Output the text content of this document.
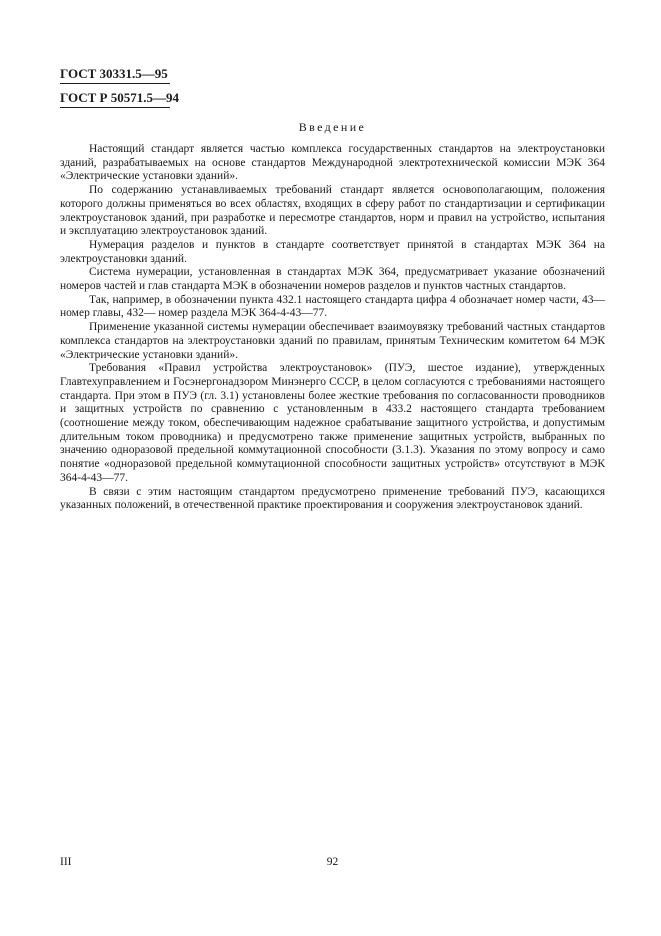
ГОСТ 30331.5—95
ГОСТ Р 50571.5—94
Введение

Настоящий стандарт является частью комплекса государственных стандартов на электроустановки зданий, разрабатываемых на основе стандартов Международной электротехнической комиссии МЭК 364 «Электрические установки зданий».

По содержанию устанавливаемых требований стандарт является основополагающим, положения которого должны применяться во всех областях, входящих в сферу работ по стандартизации и сертификации электроустановок зданий, при разработке и пересмотре стандартов, норм и правил на устройство, испытания и эксплуатацию электроустановок зданий.

Нумерация разделов и пунктов в стандарте соответствует принятой в стандартах МЭК 364 на электроустановки зданий.

Система нумерации, установленная в стандартах МЭК 364, предусматривает указание обозначений номеров частей и глав стандарта МЭК в обозначении номеров разделов и пунктов частных стандартов.

Так, например, в обозначении пункта 432.1 настоящего стандарта цифра 4 обозначает номер части, 43— номер главы, 432— номер раздела МЭК 364-4-43—77.

Применение указанной системы нумерации обеспечивает взаимоувязку требований частных стандартов комплекса стандартов на электроустановки зданий по правилам, принятым Техническим комитетом 64 МЭК «Электрические установки зданий».

Требования «Правил устройства электроустановок» (ПУЭ, шестое издание), утвержденных Главтехуправлением и Госэнергонадзором Минэнерго СССР, в целом согласуются с требованиями настоящего стандарта. При этом в ПУЭ (гл. 3.1) установлены более жесткие требования по согласованности проводников и защитных устройств по сравнению с установленным в 433.2 настоящего стандарта требованием (соотношение между током, обеспечивающим надежное срабатывание защитного устройства, и допустимым длительным током проводника) и предусмотрено также применение защитных устройств, выбранных по значению одноразовой предельной коммутационной способности (3.1.3). Указания по этому вопросу и само понятие «одноразовой предельной коммутационной способности защитных устройств» отсутствуют в МЭК 364-4-43—77.

В связи с этим настоящим стандартом предусмотрено применение требований ПУЭ, касающихся указанных положений, в отечественной практике проектирования и сооружения электроустановок зданий.

III	92
